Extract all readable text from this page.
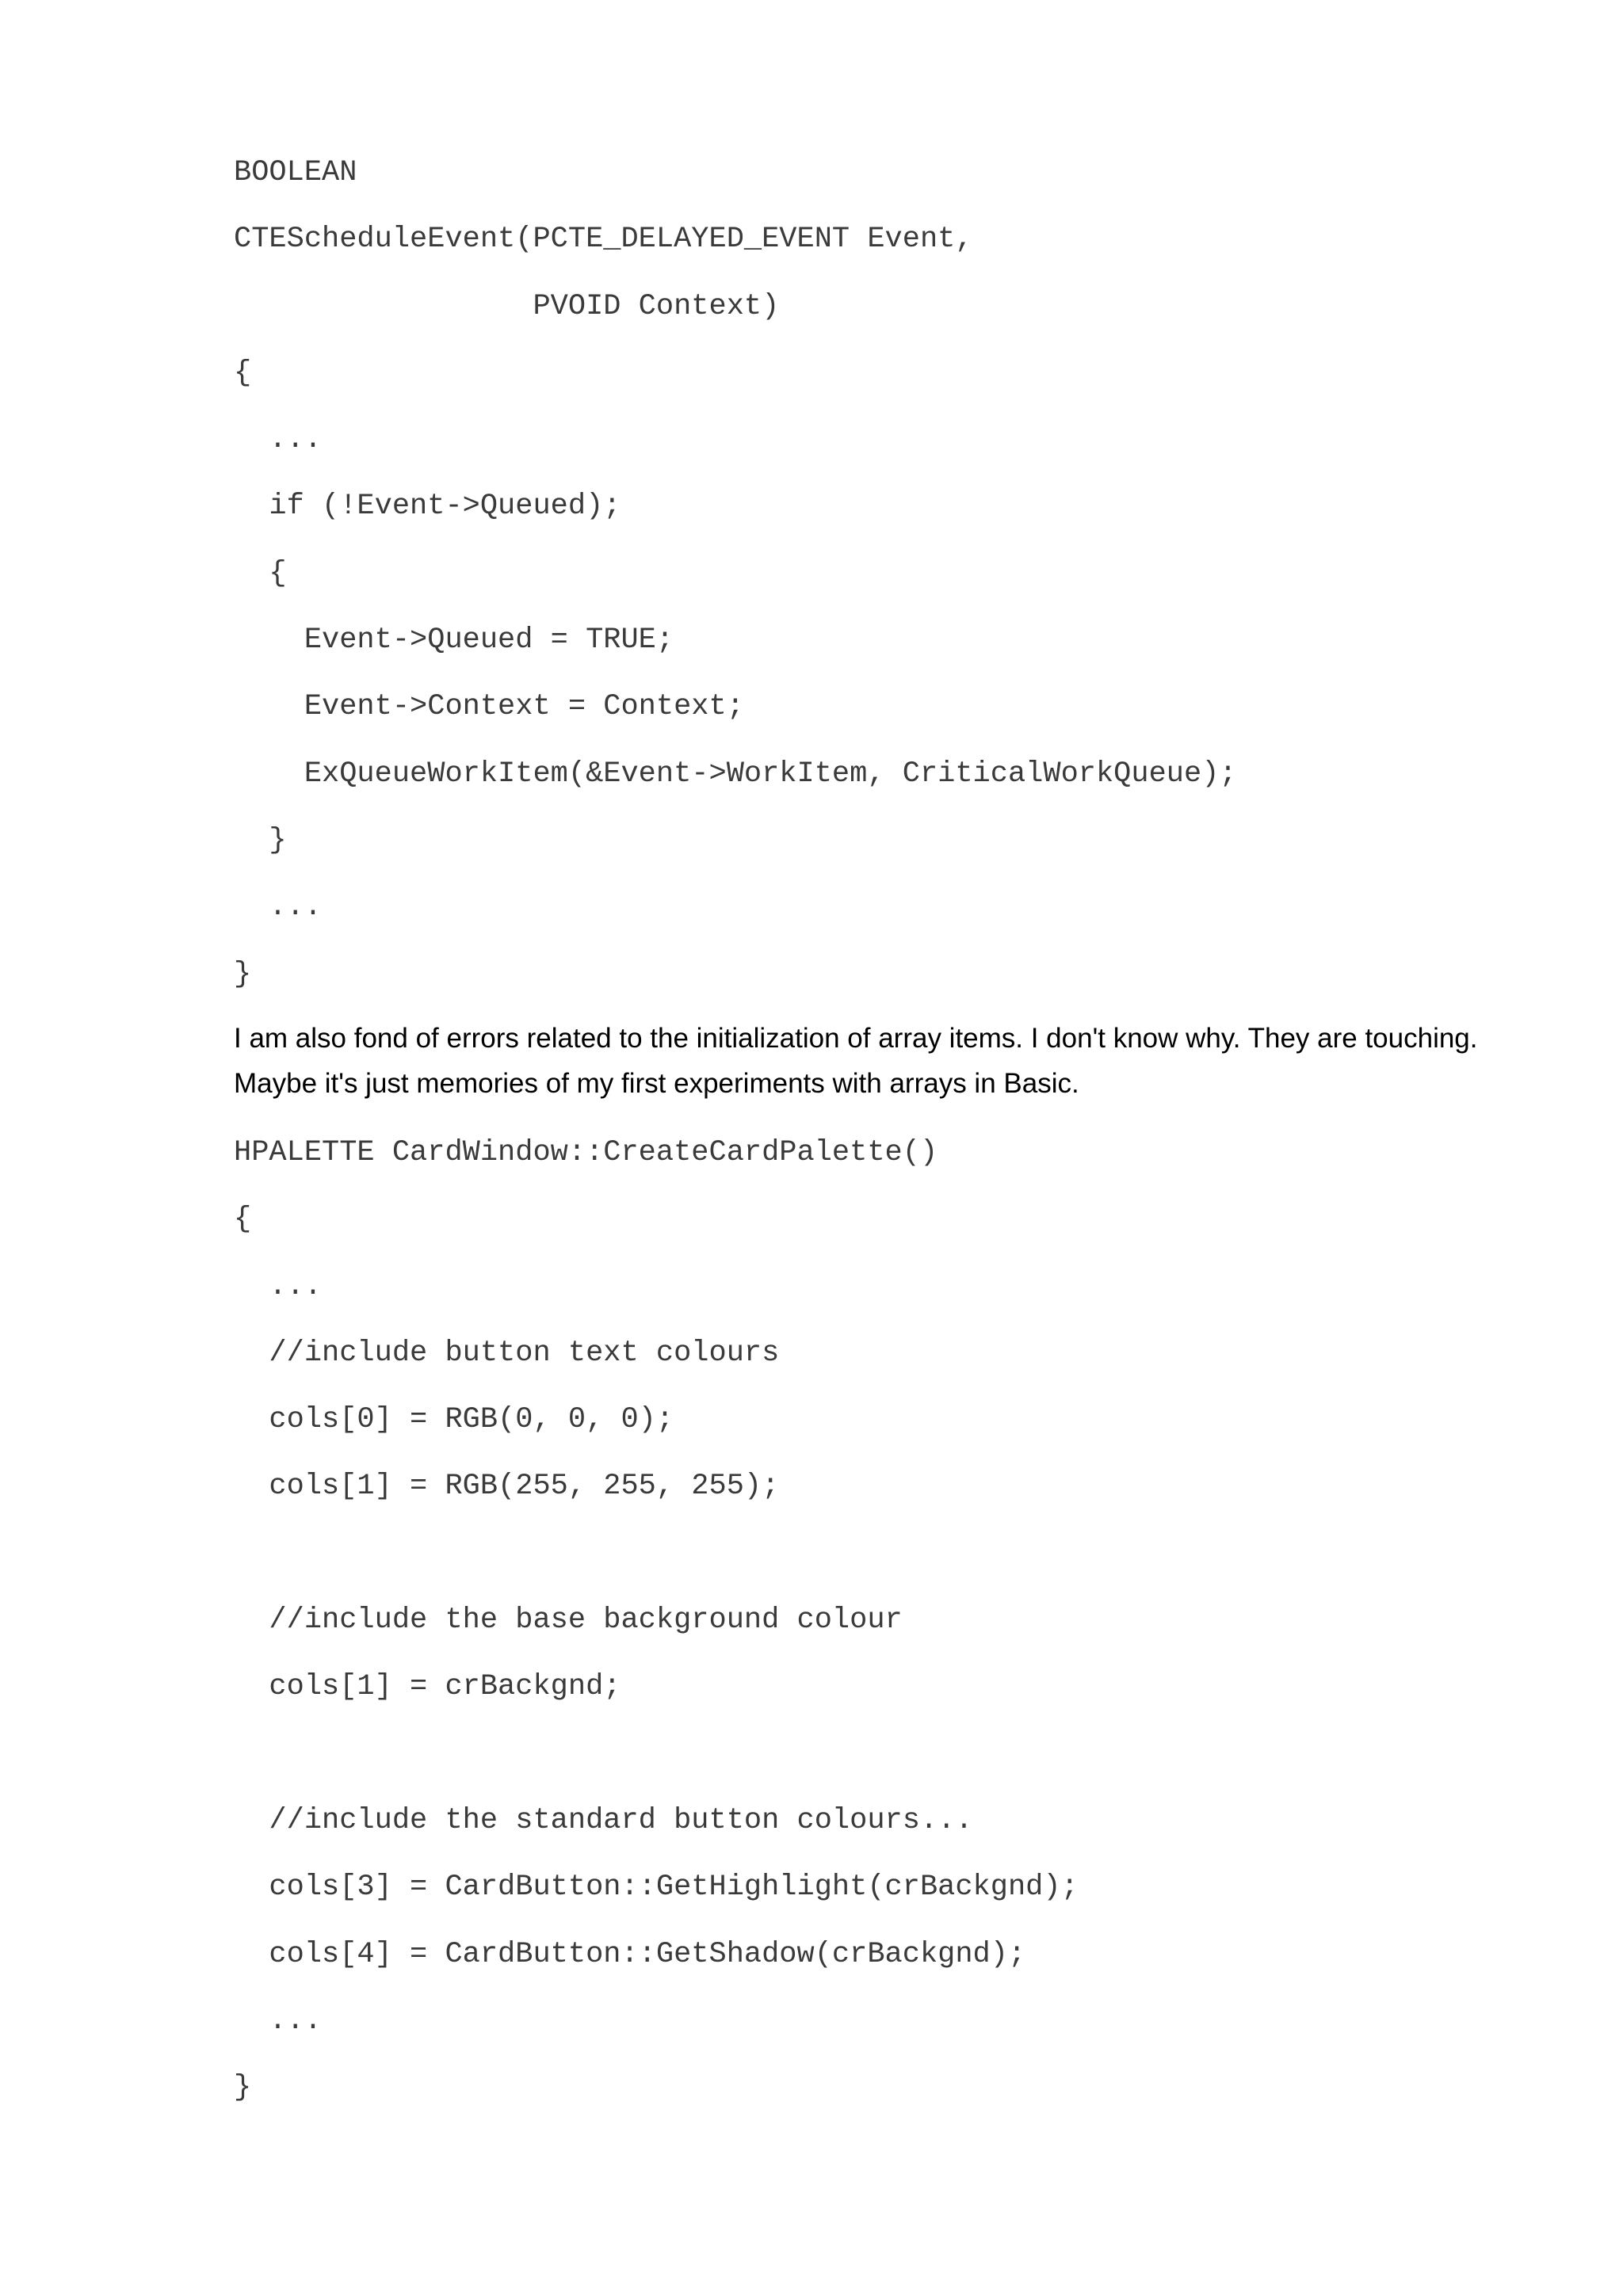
BOOLEAN
CTEScheduleEvent(PCTE_DELAYED_EVENT Event,
PVOID Context)
{
...
if (!Event->Queued);
{
Event->Queued = TRUE;
Event->Context = Context;
ExQueueWorkItem(&Event->WorkItem, CriticalWorkQueue);
}
...
}

I am also fond of errors related to the initialization of array items. I don't know why. They are touching. Maybe it's just memories of my first experiments with arrays in Basic.

HPALETTE CardWindow::CreateCardPalette()
{
...
//include button text colours
cols[0] = RGB(0, 0, 0);
cols[1] = RGB(255, 255, 255);
//include the base background colour
cols[1] = crBackgnd;
//include the standard button colours...
cols[3] = CardButton::GetHighlight(crBackgnd);
cols[4] = CardButton::GetShadow(crBackgnd);
...
}
